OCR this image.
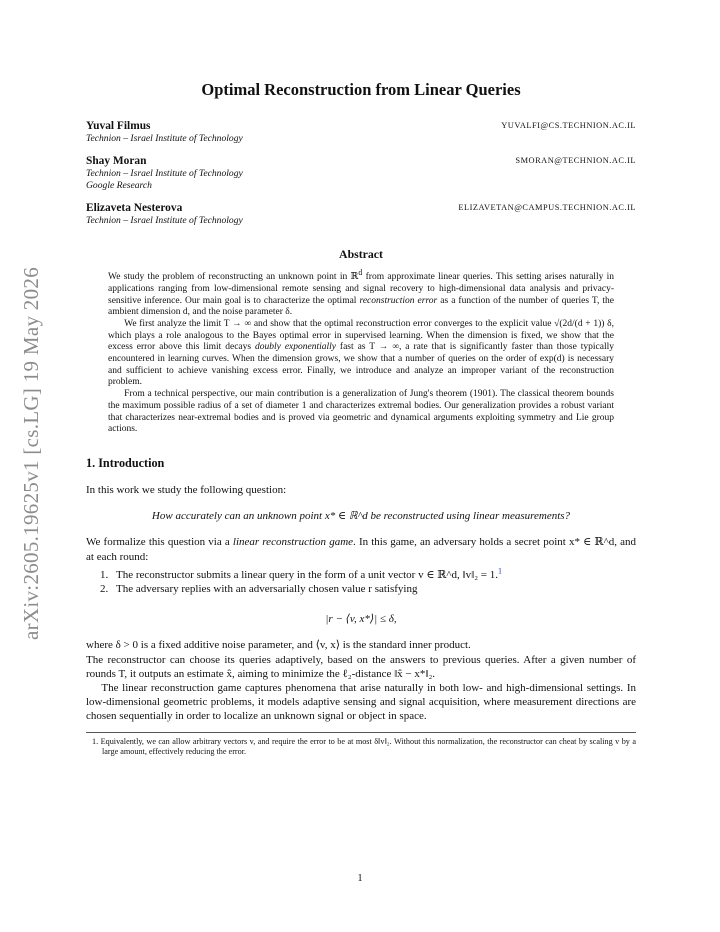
arXiv:2605.19625v1 [cs.LG] 19 May 2026
Optimal Reconstruction from Linear Queries
Yuval Filmus	YUVALFI@CS.TECHNION.AC.IL
Technion – Israel Institute of Technology
Shay Moran	SMORAN@TECHNION.AC.IL
Technion – Israel Institute of Technology
Google Research
Elizaveta Nesterova	ELIZAVETAN@CAMPUS.TECHNION.AC.IL
Technion – Israel Institute of Technology
Abstract

We study the problem of reconstructing an unknown point in ℝ$^d$ from approximate linear queries. This setting arises naturally in applications ranging from low-dimensional remote sensing and signal recovery to high-dimensional data analysis and privacy-sensitive inference. Our main goal is to characterize the optimal reconstruction error as a function of the number of queries T, the ambient dimension d, and the noise parameter δ.

We first analyze the limit T → ∞ and show that the optimal reconstruction error converges to the explicit value √(2d/(d + 1)) δ, which plays a role analogous to the Bayes optimal error in supervised learning. When the dimension is fixed, we show that the excess error above this limit decays doubly exponentially fast as T → ∞, a rate that is significantly faster than those typically encountered in learning curves. When the dimension grows, we show that a number of queries on the order of exp(d) is necessary and sufficient to achieve vanishing excess error. Finally, we introduce and analyze an improper variant of the reconstruction problem.

From a technical perspective, our main contribution is a generalization of Jung's theorem (1901). The classical theorem bounds the maximum possible radius of a set of diameter 1 and characterizes extremal bodies. Our generalization provides a robust variant that characterizes near-extremal bodies and is proved via geometric and dynamical arguments exploiting symmetry and Lie group actions.

1. Introduction

In this work we study the following question:

How accurately can an unknown point x* ∈ ℝ^d be reconstructed using linear measurements?

We formalize this question via a linear reconstruction game. In this game, an adversary holds a secret point x* ∈ ℝ^d, and at each round:

1. The reconstructor submits a linear query in the form of a unit vector v ∈ ℝ^d, ‖v‖₂ = 1.$^1$
2. The adversary replies with an adversarially chosen value r satisfying
|r − ⟨v, x*⟩| ≤ δ,

where δ > 0 is a fixed additive noise parameter, and ⟨v, x⟩ is the standard inner product.

The reconstructor can choose its queries adaptively, based on the answers to previous queries. After a given number of rounds T, it outputs an estimate x̂, aiming to minimize the ℓ₂-distance ‖x̂ − x*‖₂.

The linear reconstruction game captures phenomena that arise naturally in both low- and high-dimensional settings. In low-dimensional geometric problems, it models adaptive sensing and signal acquisition, where measurement directions are chosen sequentially in order to localize an unknown signal or object in space.

1. Equivalently, we can allow arbitrary vectors v, and require the error to be at most δ‖v‖₂. Without this normalization, the reconstructor can cheat by scaling v by a large amount, effectively reducing the error.
1
